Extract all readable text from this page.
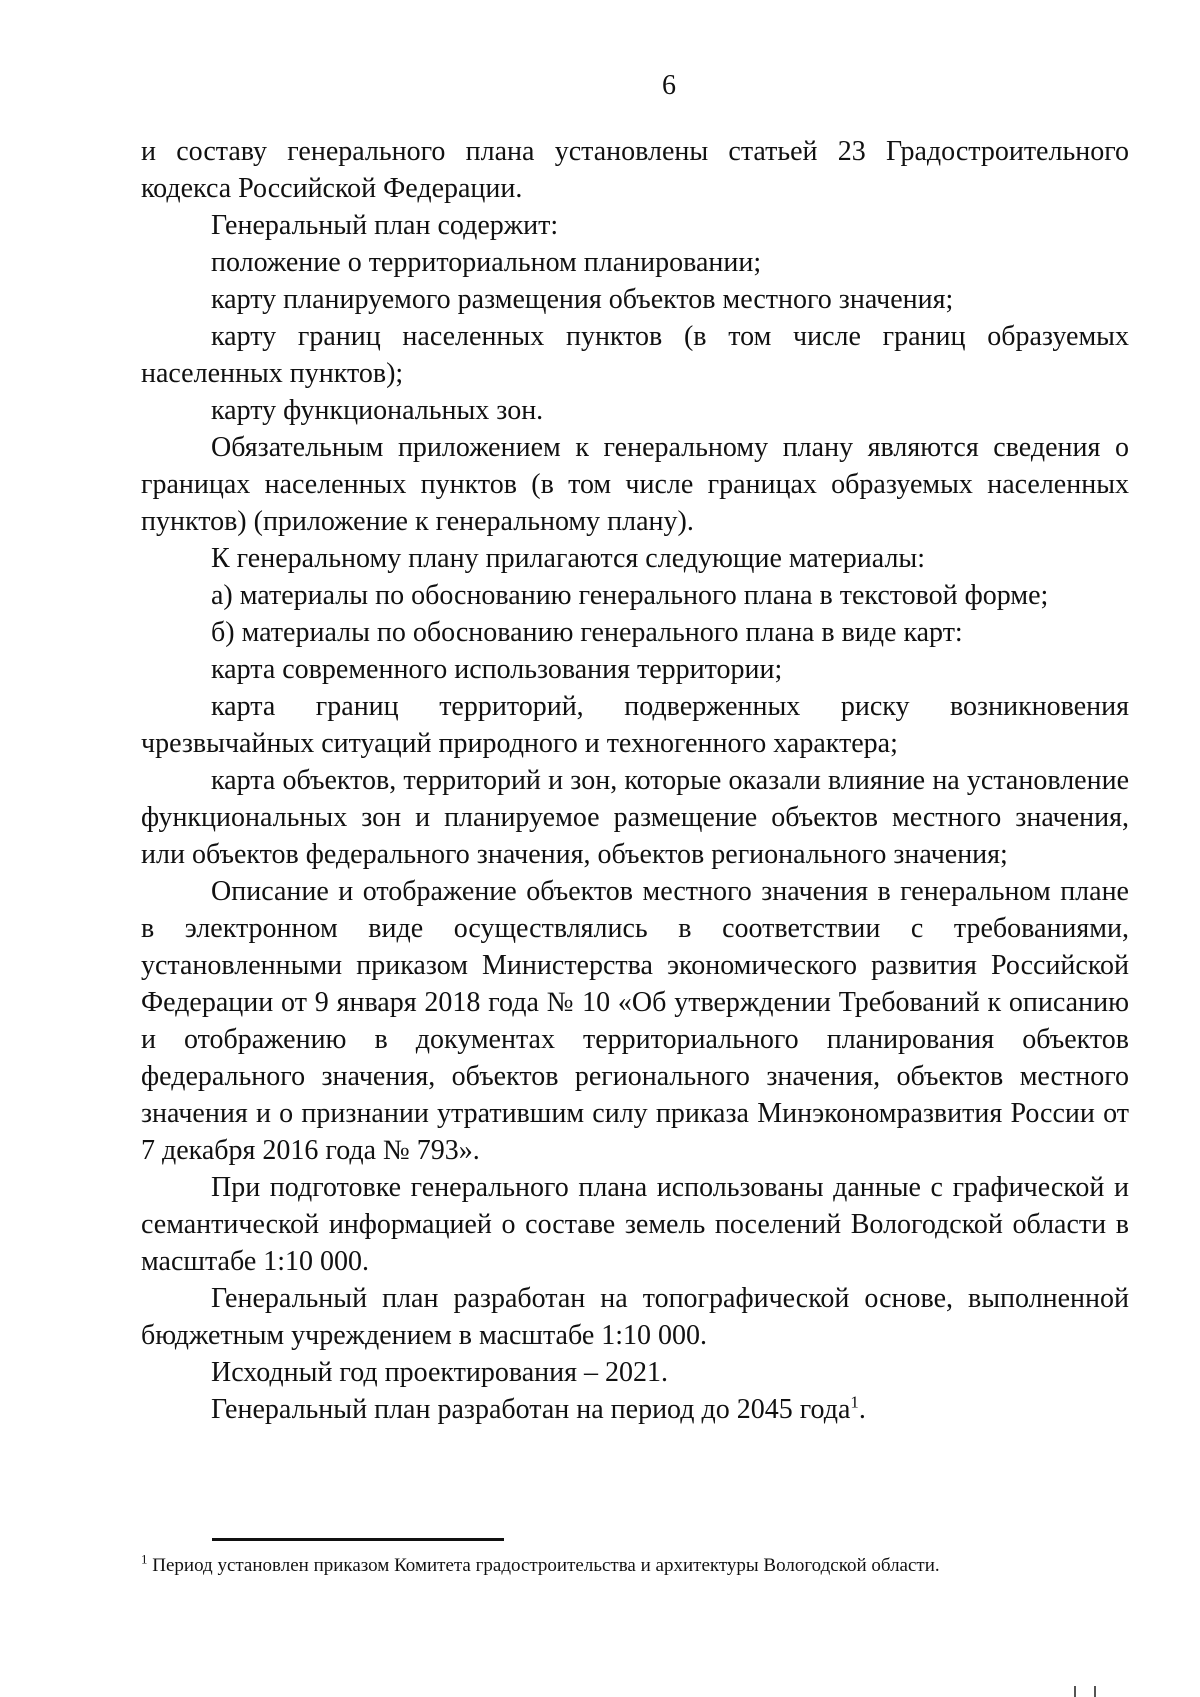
6

и составу генерального плана установлены статьей 23 Градостроительного кодекса Российской Федерации.

Генеральный план содержит:

положение о территориальном планировании;

карту планируемого размещения объектов местного значения;

карту границ населенных пунктов (в том числе границ образуемых населенных пунктов);

карту функциональных зон.

Обязательным приложением к генеральному плану являются сведения о границах населенных пунктов (в том числе границах образуемых населенных пунктов) (приложение к генеральному плану).

К генеральному плану прилагаются следующие материалы:

а) материалы по обоснованию генерального плана в текстовой форме;

б) материалы по обоснованию генерального плана в виде карт:

карта современного использования территории;

карта границ территорий, подверженных риску возникновения чрезвычайных ситуаций природного и техногенного характера;

карта объектов, территорий и зон, которые оказали влияние на установление функциональных зон и планируемое размещение объектов местного значения, или объектов федерального значения, объектов регионального значения;

Описание и отображение объектов местного значения в генеральном плане в электронном виде осуществлялись в соответствии с требованиями, установленными приказом Министерства экономического развития Российской Федерации от 9 января 2018 года № 10 «Об утверждении Требований к описанию и отображению в документах территориального планирования объектов федерального значения, объектов регионального значения, объектов местного значения и о признании утратившим силу приказа Минэкономразвития России от 7 декабря 2016 года № 793».

При подготовке генерального плана использованы данные с графической и семантической информацией о составе земель поселений Вологодской области в масштабе 1:10 000.

Генеральный план разработан на топографической основе, выполненной бюджетным учреждением в масштабе 1:10 000.

Исходный год проектирования – 2021.

Генеральный план разработан на период до 2045 года$^1$.

$^1$ Период установлен приказом Комитета градостроительства и архитектуры Вологодской области.
